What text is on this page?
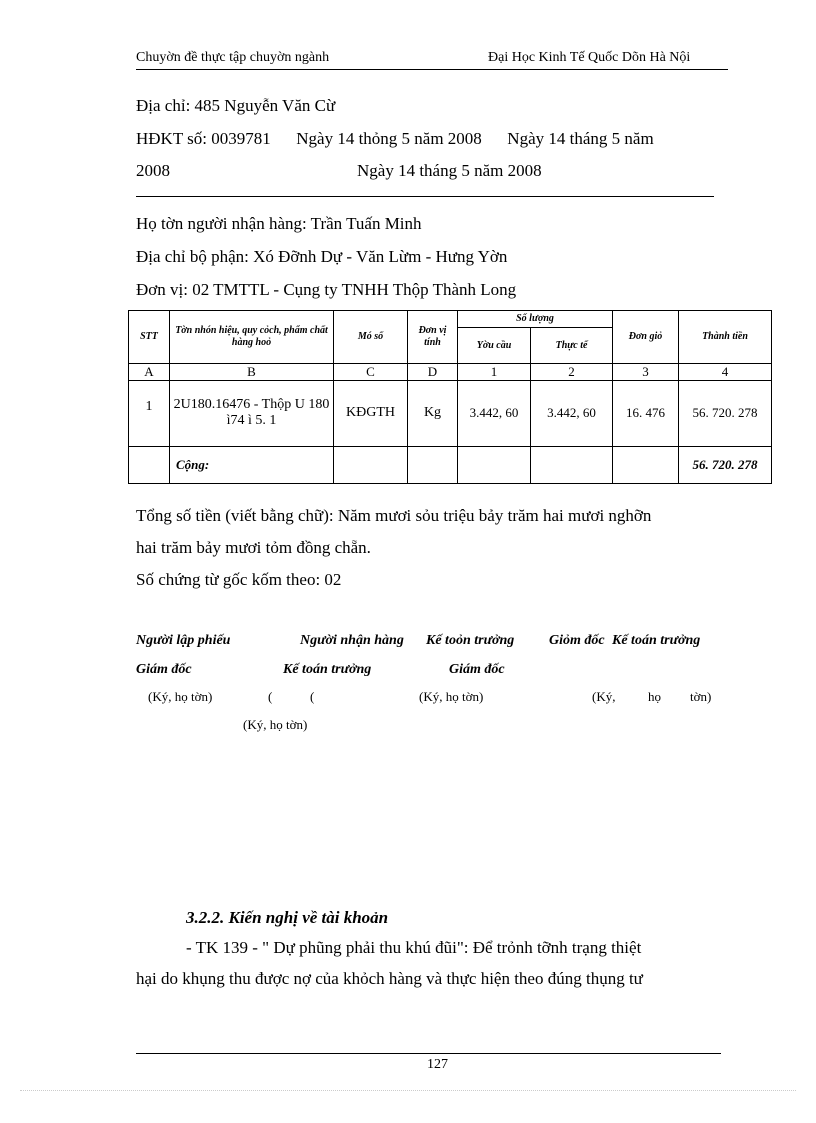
Chuyờn đề thực tập chuyờn ngành	Đại Học Kinh Tế Quốc Dõn Hà Nội
Địa chỉ: 485 Nguyễn Văn Cừ
HĐKT số: 0039781      Ngày 14 thỏng 5 năm 2008      Ngày 14 tháng 5 năm
2008	Ngày 14 tháng 5 năm 2008
Họ tờn người nhận hàng: Trần Tuấn Minh
Địa chỉ bộ phận: Xó Đỡnh Dự - Văn Lừm - Hưng Yờn
Đơn vị: 02 TMTTL - Cụng ty TNHH Thộp Thành Long
STT	Tờn nhón hiệu, quy cỏch, phẩm chất hàng hoỏ	Mó số	Đơn vị tính	Số lượng		Đơn giỏ	Thành tiền
				Yờu cầu	Thực tế		
A	B	C	D	1	2	3	4
1	2U180.16476 - Thộp U 180 ì74 ì 5. 1	KĐGTH	Kg	3.442, 60	3.442, 60	16. 476	56. 720. 278
	Cộng:						56. 720. 278
Tổng số tiền (viết bằng chữ): Năm mươi sỏu triệu bảy trăm hai mươi nghỡn
hai trăm bảy mươi tỏm đồng chẵn.
Số chứng từ gốc kốm theo: 02
Người lập phiếu	Người nhận hàng Kế toỏn trưởng Giỏm đốc Kế toán trưởng
Giám đốc	Kế toán trưởng	Giám đốc
(Ký, họ tờn)	(	(	(Ký, họ tờn)	(Ký,	họ tờn)
(Ký, họ tờn)
3.2.2. Kiến nghị về tài khoản
- TK 139 - " Dự phũng phải thu khú đũi": Để trỏnh tỡnh trạng thiệt
hại do khụng thu được nợ của khỏch hàng và thực hiện theo đúng thụng tư
127
